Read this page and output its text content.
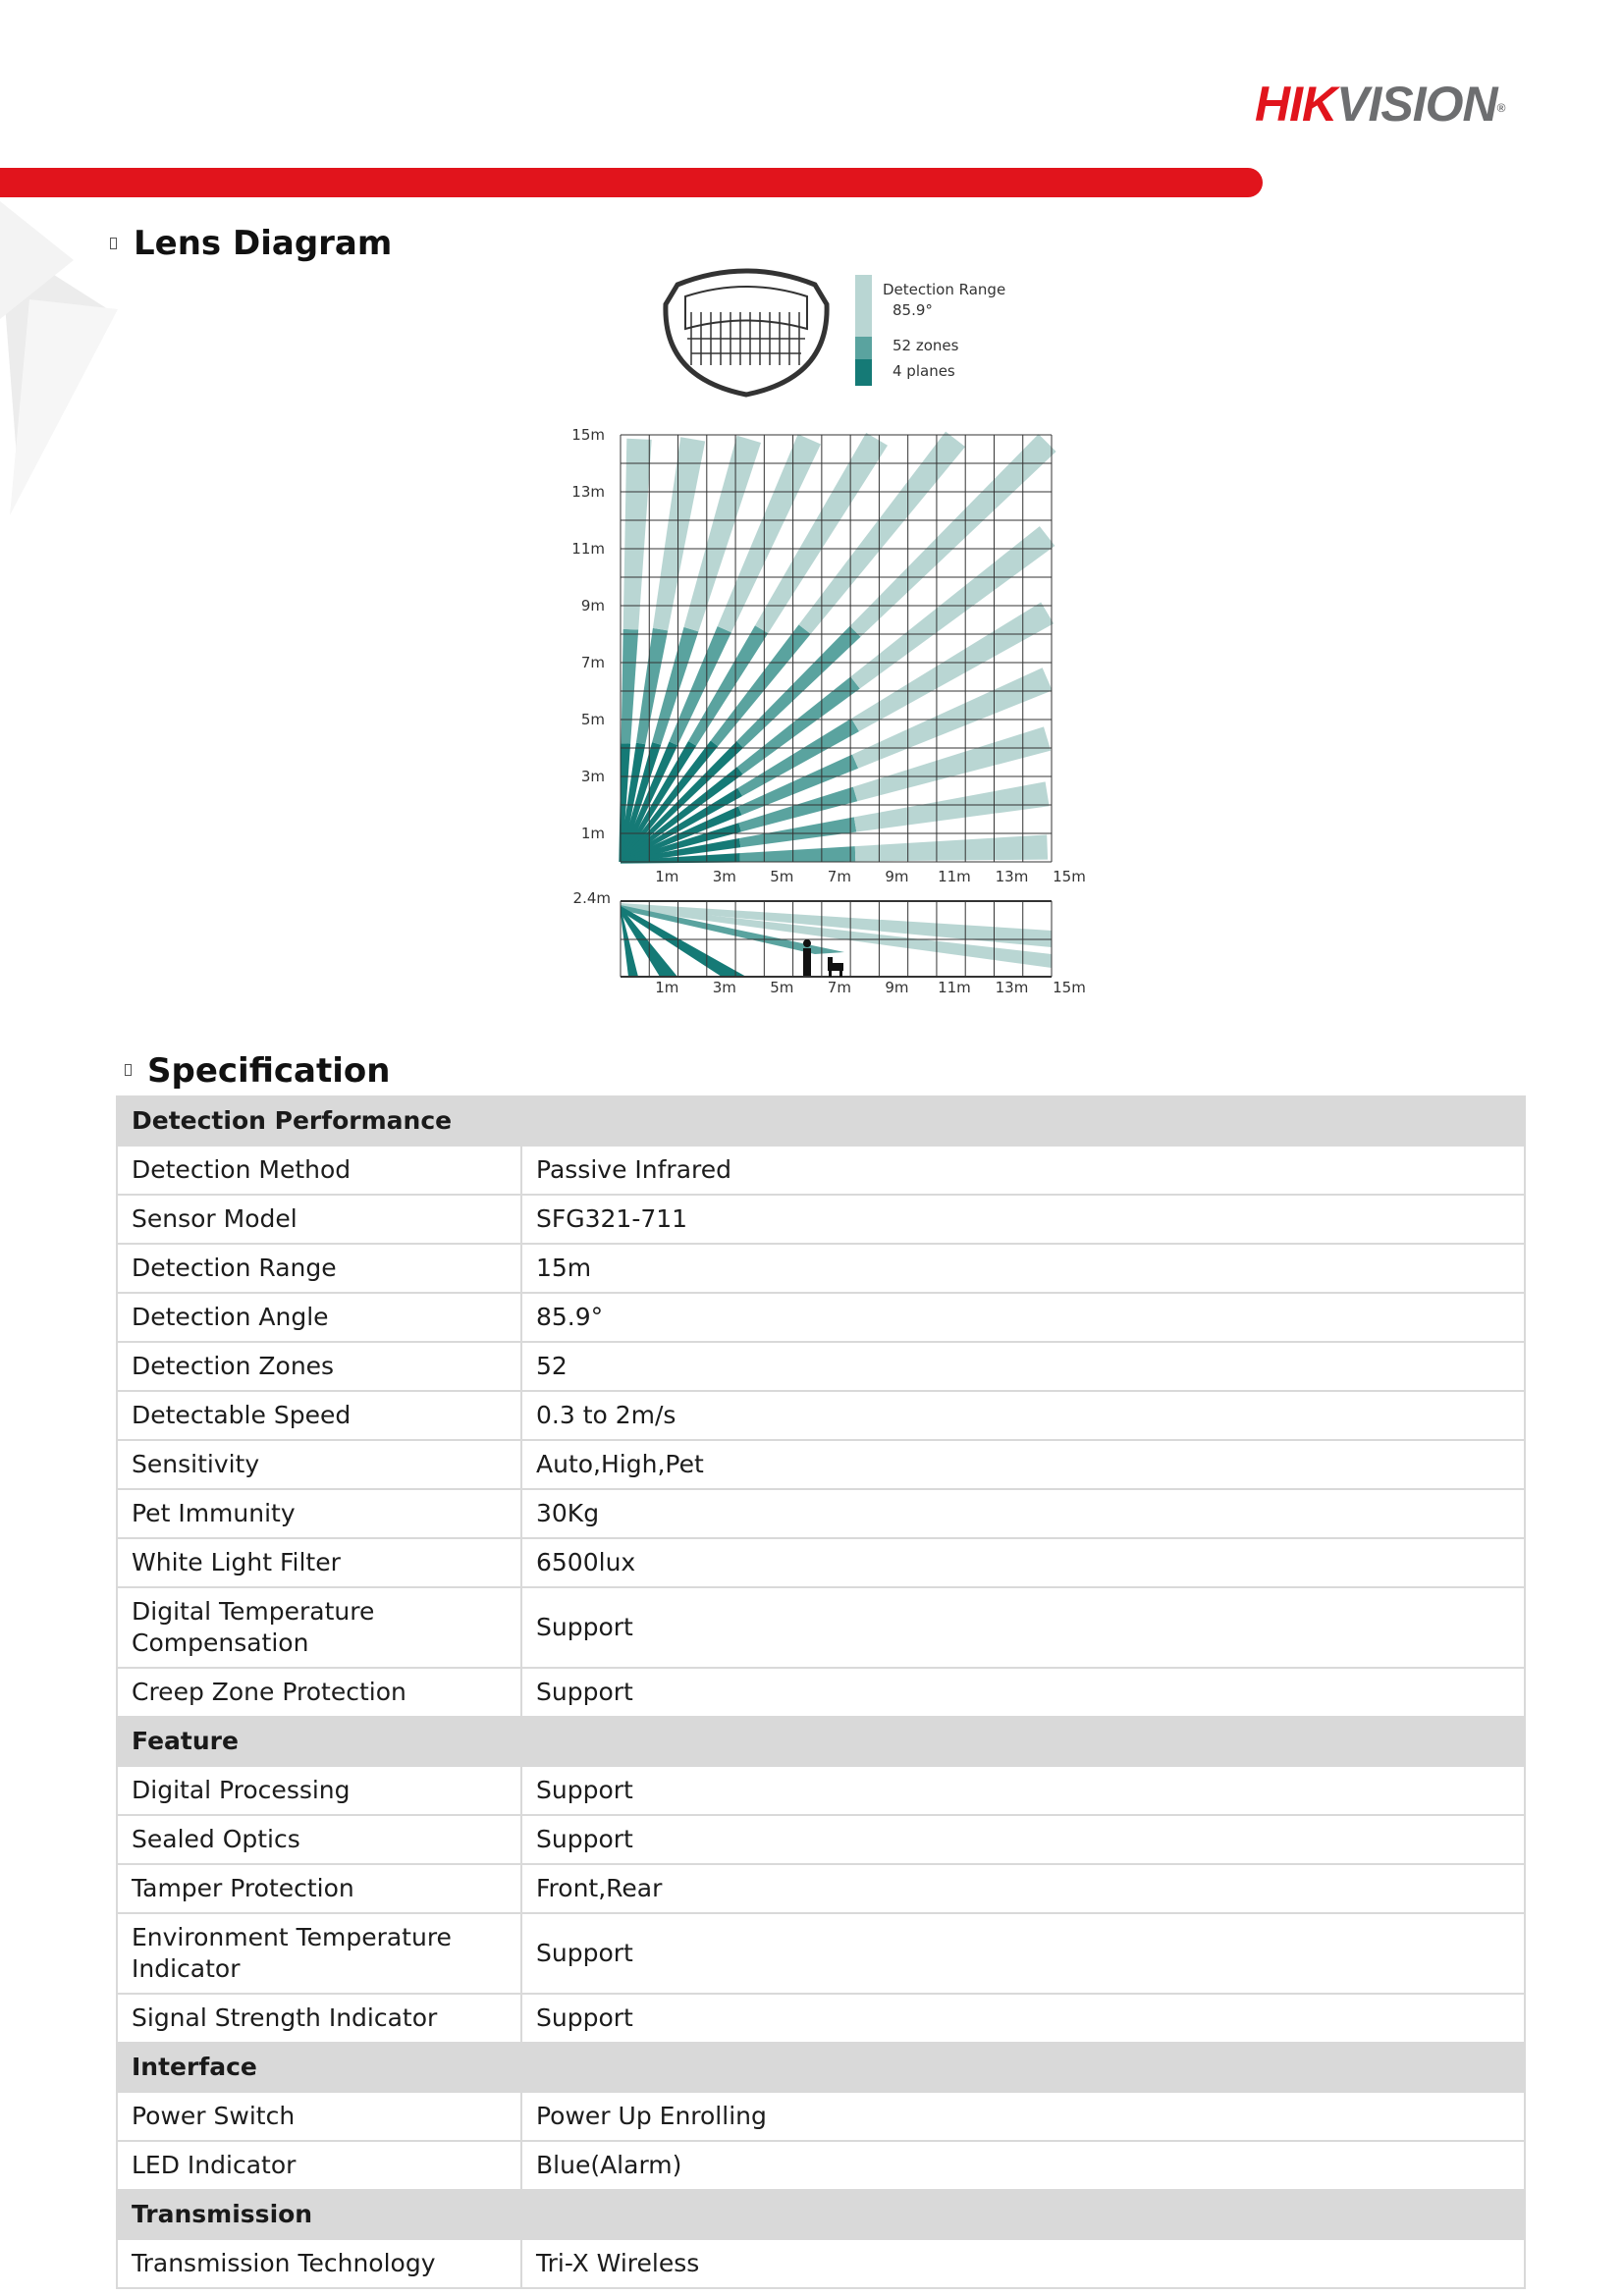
HIKVISION®
Lens Diagram
Detection Range
85.9°
52 zones
4 planes
15m
13m
11m
9m
7m
5m
3m
1m
1m 3m 5m 7m 9m 11m 13m 15m
2.4m
1m 3m 5m 7m 9m 11m 13m 15m
Specification
Detection Performance	
Detection Method	Passive Infrared
Sensor Model	SFG321-711
Detection Range	15m
Detection Angle	85.9°
Detection Zones	52
Detectable Speed	0.3 to 2m/s
Sensitivity	Auto,High,Pet
Pet Immunity	30Kg
White Light Filter	6500lux
Digital Temperature Compensation	Support
Creep Zone Protection	Support
Feature	
Digital Processing	Support
Sealed Optics	Support
Tamper Protection	Front,Rear
Environment Temperature Indicator	Support
Signal Strength Indicator	Support
Interface	
Power Switch	Power Up Enrolling
LED Indicator	Blue(Alarm)
Transmission	
Transmission Technology	Tri-X Wireless
